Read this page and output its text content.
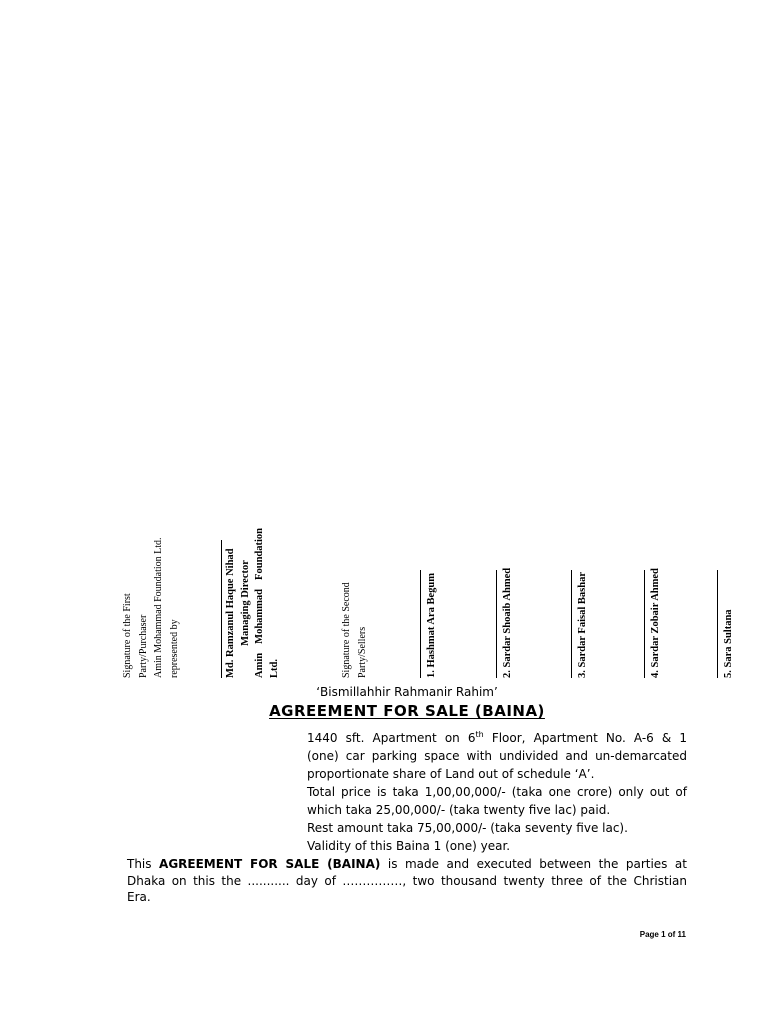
Signature of the First Party/Purchaser Amin Mohammad Foundation Ltd. represented by	Md. Ramzanul Haque Nihad Managing Director Amin Mohammad Foundation Ltd.	Signature of the Second Party/Sellers	1. Hashmat Ara Begum	2. Sardar Shoaib Ahmed	3. Sardar Faisal Bashar	4. Sardar Zobair Ahmed	5. Sara Sultana
‘Bismillahhir Rahmanir Rahim’
AGREEMENT FOR SALE (BAINA)
1440 sft. Apartment on 6th Floor, Apartment No. A-6 & 1
(one) car parking space with undivided and un-demarcated
proportionate share of Land out of schedule ‘A’.
Total price is taka 1,00,00,000/- (taka one crore) only out of
which taka 25,00,000/- (taka twenty five lac) paid.
Rest amount taka 75,00,000/- (taka seventy five lac).
Validity of this Baina 1 (one) year.
This AGREEMENT FOR SALE (BAINA) is made and executed between the parties at
Dhaka on this the ........... day of ……………, two thousand twenty three of the Christian
Era.
Page 1 of 11
